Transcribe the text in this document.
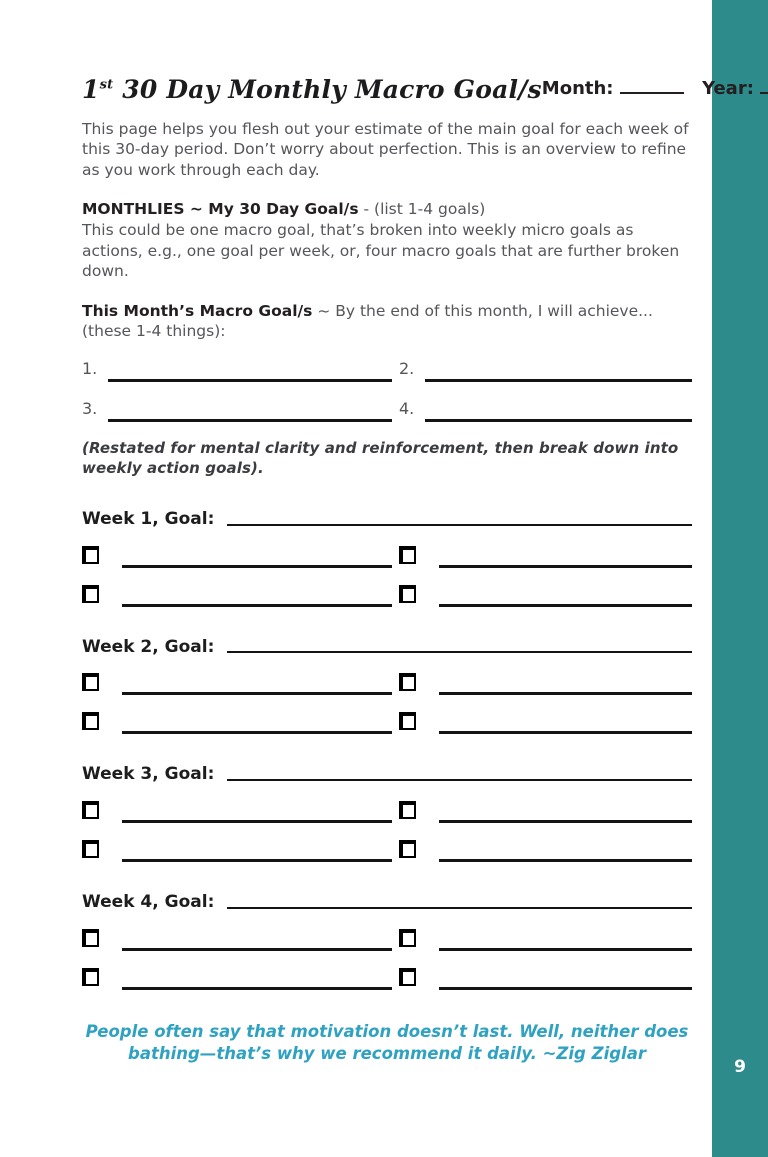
9
1st 30 Day Monthly Macro Goal/s Month:	Year:

This page helps you flesh out your estimate of the main goal for each week of this 30-day period. Don’t worry about perfection. This is an overview to refine as you work through each day.

MONTHLIES ~ My 30 Day Goal/s - (list 1-4 goals)
This could be one macro goal, that’s broken into weekly micro goals as actions, e.g., one goal per week, or, four macro goals that are further broken down.

This Month’s Macro Goal/s ~ By the end of this month, I will achieve... (these 1-4 things):

1.	2.
3.	4.

(Restated for mental clarity and reinforcement, then break down into weekly action goals).

Week 1, Goal:
Week 2, Goal:
Week 3, Goal:
Week 4, Goal:

People often say that motivation doesn’t last. Well, neither does bathing—that’s why we recommend it daily. ~Zig Ziglar
